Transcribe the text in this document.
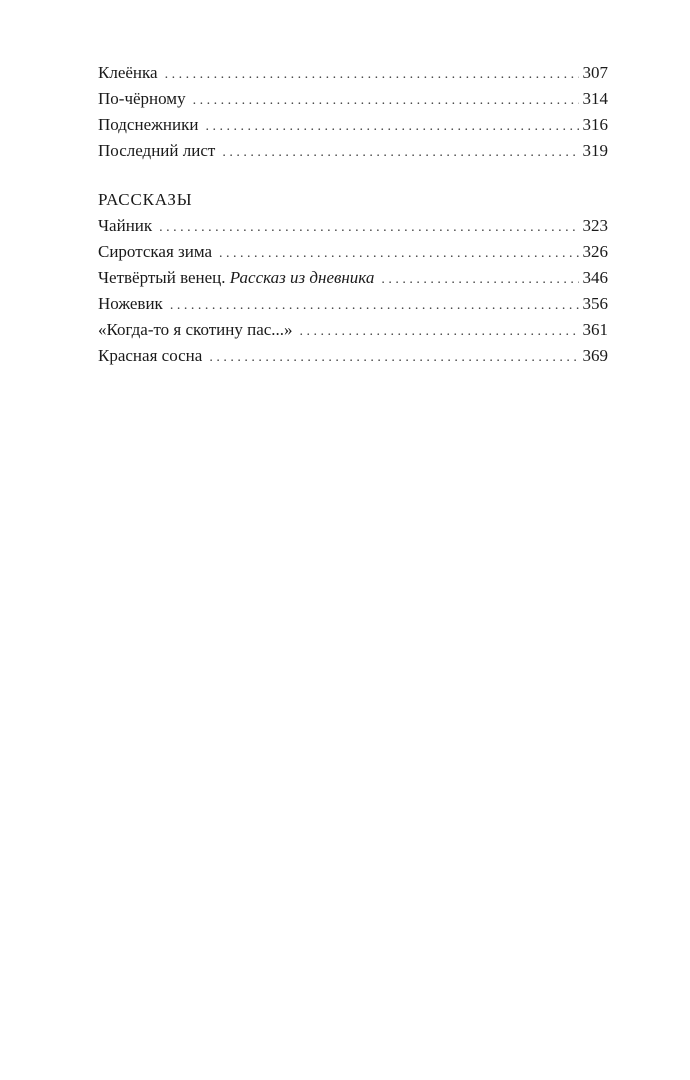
Клеёнка . . .	307
По-чёрному . . .	314
Подснежники . . .	316
Последний лист . . .	319
РАССКАЗЫ
Чайник . . .	323
Сиротская зима . . .	326
Четвёртый венец. Рассказ из дневника . . .	346
Ножевик . . .	356
«Когда-то я скотину пас...» . . .	361
Красная сосна . . .	369
